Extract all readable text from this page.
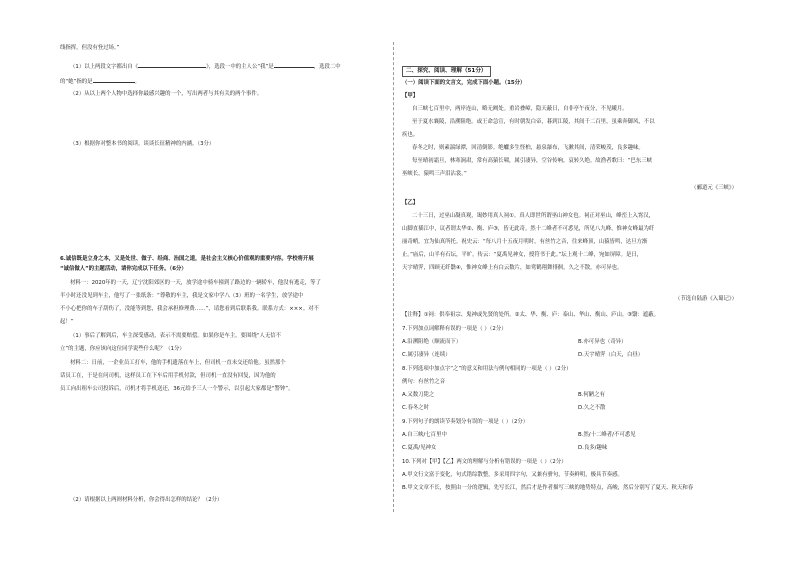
线指挥，但没有登过场。”
（1）以上两段文字都出自《	》，选段一中的主人公“我”是	，选段二中
的“她”指的是	。
（2）从以上两个人物中选择你最感兴趣的一个，写出两者与其有关的两个事件。
（3）根据你对整本书的阅读，谈谈长征精神的内涵。（3分）
6.诚信既是立身之本，又是处世、做子、经商、治国之道，是社会主义核心价值观的重要内容。学校将开展
“诚信做人”的主题活动，请你完成以下任务。（6分）
材料一：2020年的一天，辽宁沈阳郊区的一天，放学途中骑车撞到了路边的一辆轿车，他没有逃走，等了
半小时还没见到车主，他写了一张纸条：“尊敬的车主，我是文家中学八（3）班的一名学生，放学途中
不小心把你的车子刮伤了，没能等到您，我会承担修理费……”，请您看到后联系我。联系方式：×××。对不
起！”
（1）事后了解到后，车主深受感动，表示不需要赔偿。如果你是车主，要围绕“人无信不
立”的主题，你应该向这位同学说些什么呢？（1分）
材料二：日前，一企业员工打车，他的手机遗落在车上，但司机一直未交还给他。虽然那个
话员工在，于是在问司机，这样员工在下车后用手机付款，但司机一直没有回复，因为他的
员工向出租车公司投诉后，司机才将手机送还，36元给予三人一个警示，以引起大家都是“警钟”。
（2）请根据以上两则材料分析，你会得出怎样的结论？（2分）
二、探究、阅读、理解（51分）
（一）阅读下面的文言文，完成下面小题。（15分）
【甲】
自三峡七百里中，两岸连山，略无阙处。重岩叠嶂，隐天蔽日，自非亭午夜分，不见曦月。
至于夏水襄陵，沿溯阻绝。或王命急宣，有时朝发白帝，暮到江陵，其间千二百里，虽乘奔御风，不以
疾也。
春冬之时，则素湍绿潭，回清倒影。绝巘多生怪柏，悬泉瀑布，飞漱其间，清荣峻茂，良多趣味。
每至晴初霜旦，林寒涧肃，常有高猿长啸，属引凄异，空谷传响，哀转久绝。故渔者歌曰：“巴东三峡
巫峡长，猿鸣三声泪沾裳。”
（郦道元《三峡》）
【乙】
二十三日，过巫山凝真观，谒妙用真人祠①。真人即世所谓巫山神女也。祠正对巫山，峰峦上入霄汉，
山脚直插江中，议者谓太华②、衡、庐③，皆无此奇。然十二峰者不可悉见，所见八九峰，惟神女峰最为纤
丽奇峭，宜为仙真所托。祝史云：“每八月十五夜月明时，有丝竹之音，往来峰顶，山猿皆鸣，达旦方渐
止。”庙后，山半有石坛，平旷。传云：“夏禹见神女，授符书于此。”坛上观十二峰，宛如屏障。是日，
天宇晴霁，四顾无纤翳④，惟神女峰上有白云数片，如鸾鹤翔舞徘徊，久之不散，亦可异也。
（节选自陆游《入蜀记》）
【注释】①祠：供奉祖宗、鬼神或先贤的处所。②太、华、衡、庐：泰山、华山、衡山、庐山。③翳：遮蔽。
7.下列加点词解释有误的一项是（ ）（2分）
A.沿溯阻绝（顺流而下）	B.亦可异也（奇异）
C.属引凄异（连续）	D.天宇晴霁（白天，白昼）
8.下列选项中加点字“之”的意义和用法与例句相同的一项是（ ）（2分）
例句：有丝竹之音
A.又数刀毙之	B.何陋之有
C.春冬之时	D.久之不散
9.下列句子的朗读节奏划分有误的一项是（ ）（2分）
A.自三峡/七百里中	B.然/十二峰者/不可悉见
C.夏禹/见神女	D.良多/趣味
10.下列对【甲】【乙】两文的理解与分析有错误的一项是（ ）（2分）
A.甲文行文富于变化，句式错综散整，多采用四字句，又兼有骈句，节奏鲜明，极具节奏感。
B.甲文文章不长，按照由一分的逻辑，先写长江，然后才是作者描写三峡的地势特点，高峻，然后分别写了夏天、秋天和春
